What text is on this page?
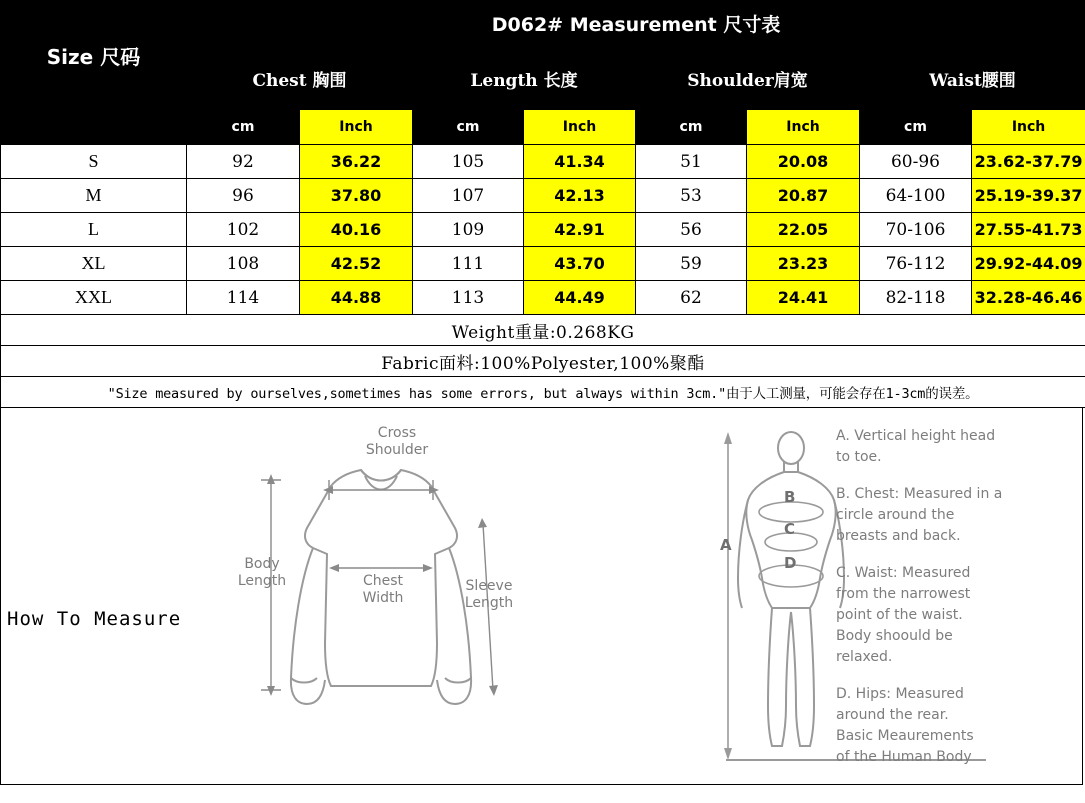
Size 尺码	D062# Measurement 尺寸表							
	Chest 胸围		Length 长度		Shoulder肩宽		Waist腰围	
	cm	Inch	cm	Inch	cm	Inch	cm	Inch
S	92	36.22	105	41.34	51	20.08	60-96	23.62-37.79
M	96	37.80	107	42.13	53	20.87	64-100	25.19-39.37
L	102	40.16	109	42.91	56	22.05	70-106	27.55-41.73
XL	108	42.52	111	43.70	59	23.23	76-112	29.92-44.09
XXL	114	44.88	113	44.49	62	24.41	82-118	32.28-46.46
Weight重量:0.268KG								
Fabric面料:100%Polyester,100%聚酯								
"Size measured by ourselves,sometimes has some errors, but always within 3cm."由于人工测量，可能会存在1-3cm的误差。								
How To Measure
Cross
Shoulder
Body
Length	Chest
Width
Sleeve
Length
A
B
C
D
A. Vertical height head
to toe.
B. Chest: Measured in a
circle around the
breasts and back.
C. Waist: Measured
from the narrowest
point of the waist.
Body shoould be
relaxed.
D. Hips: Measured
around the rear.
Basic Meaurements
of the Human Body
